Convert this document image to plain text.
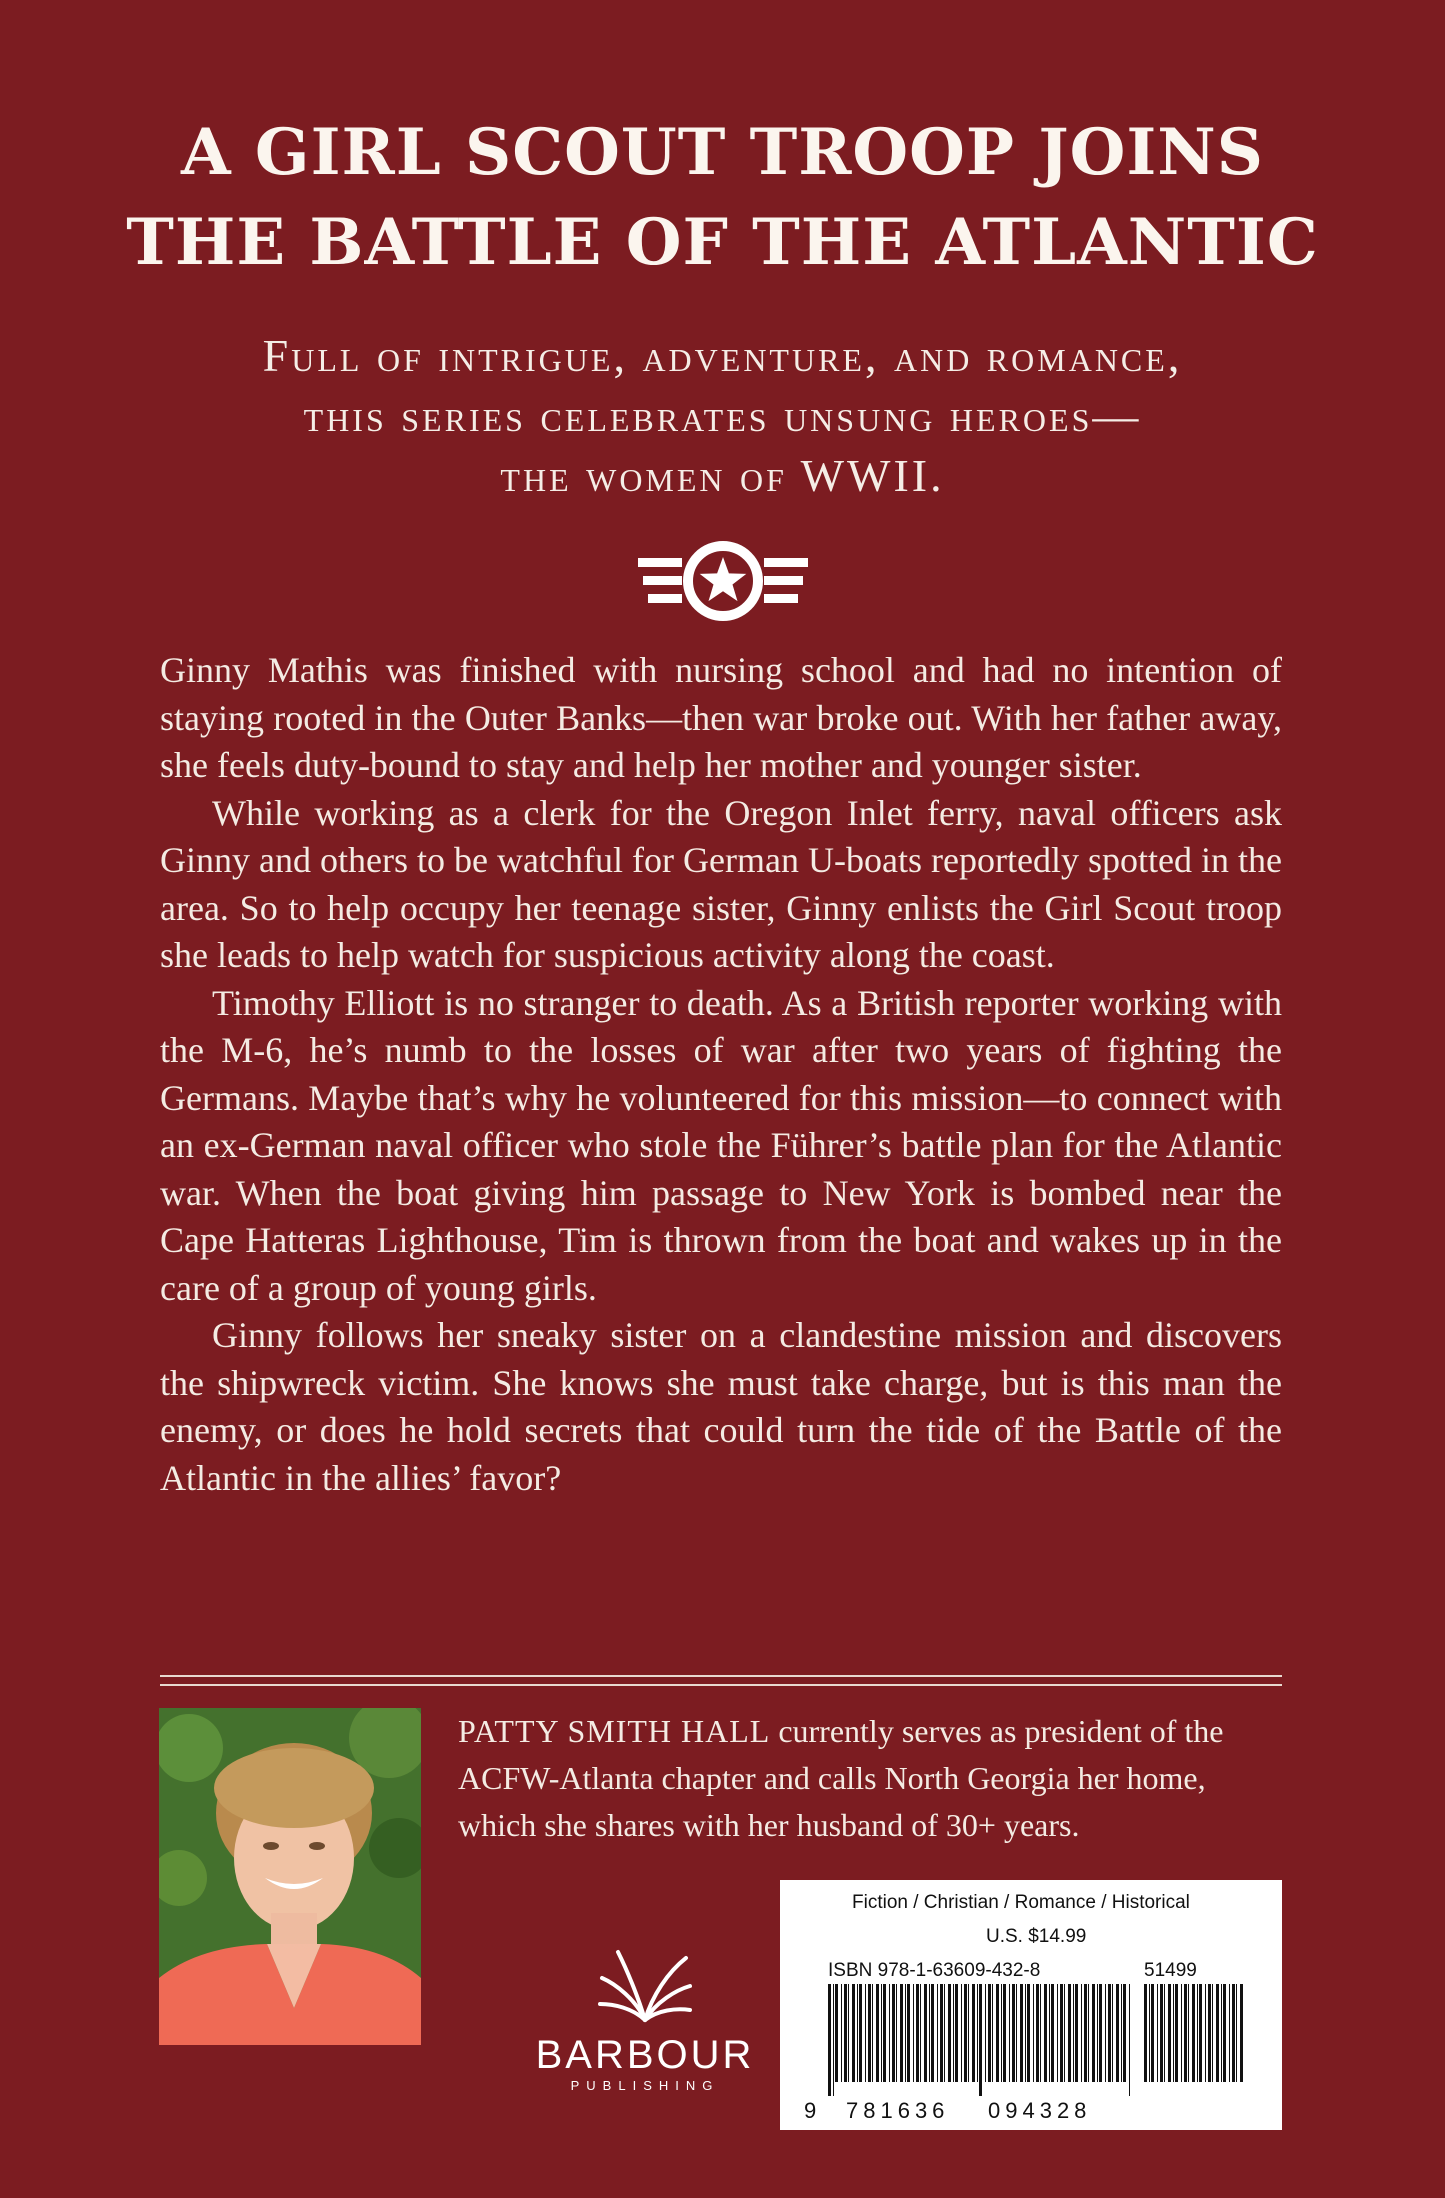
A GIRL SCOUT TROOP JOINS
THE BATTLE OF THE ATLANTIC
Full of intrigue, adventure, and romance,
this series celebrates unsung heroes—
the women of WWII.

Ginny Mathis was finished with nursing school and had no intention of staying rooted in the Outer Banks—then war broke out. With her father away, she feels duty-bound to stay and help her mother and younger sister.

While working as a clerk for the Oregon Inlet ferry, naval officers ask Ginny and others to be watchful for German U-boats reportedly spotted in the area. So to help occupy her teenage sister, Ginny enlists the Girl Scout troop she leads to help watch for suspicious activity along the coast.

Timothy Elliott is no stranger to death. As a British reporter working with the M-6, he’s numb to the losses of war after two years of fighting the Germans. Maybe that’s why he volunteered for this mission—to connect with an ex-German naval officer who stole the Führer’s battle plan for the Atlantic war. When the boat giving him passage to New York is bombed near the Cape Hatteras Lighthouse, Tim is thrown from the boat and wakes up in the care of a group of young girls.

Ginny follows her sneaky sister on a clandestine mission and discovers the shipwreck victim. She knows she must take charge, but is this man the enemy, or does he hold secrets that could turn the tide of the Battle of the Atlantic in the allies’ favor?

PATTY SMITH HALL currently serves as president of the ACFW-Atlanta chapter and calls North Georgia her home, which she shares with her husband of 30+ years.
BARBOUR
PUBLISHING
Fiction / Christian / Romance / Historical
U.S. $14.99
ISBN 978-1-63609-432-8	51499
9 781636 094328
